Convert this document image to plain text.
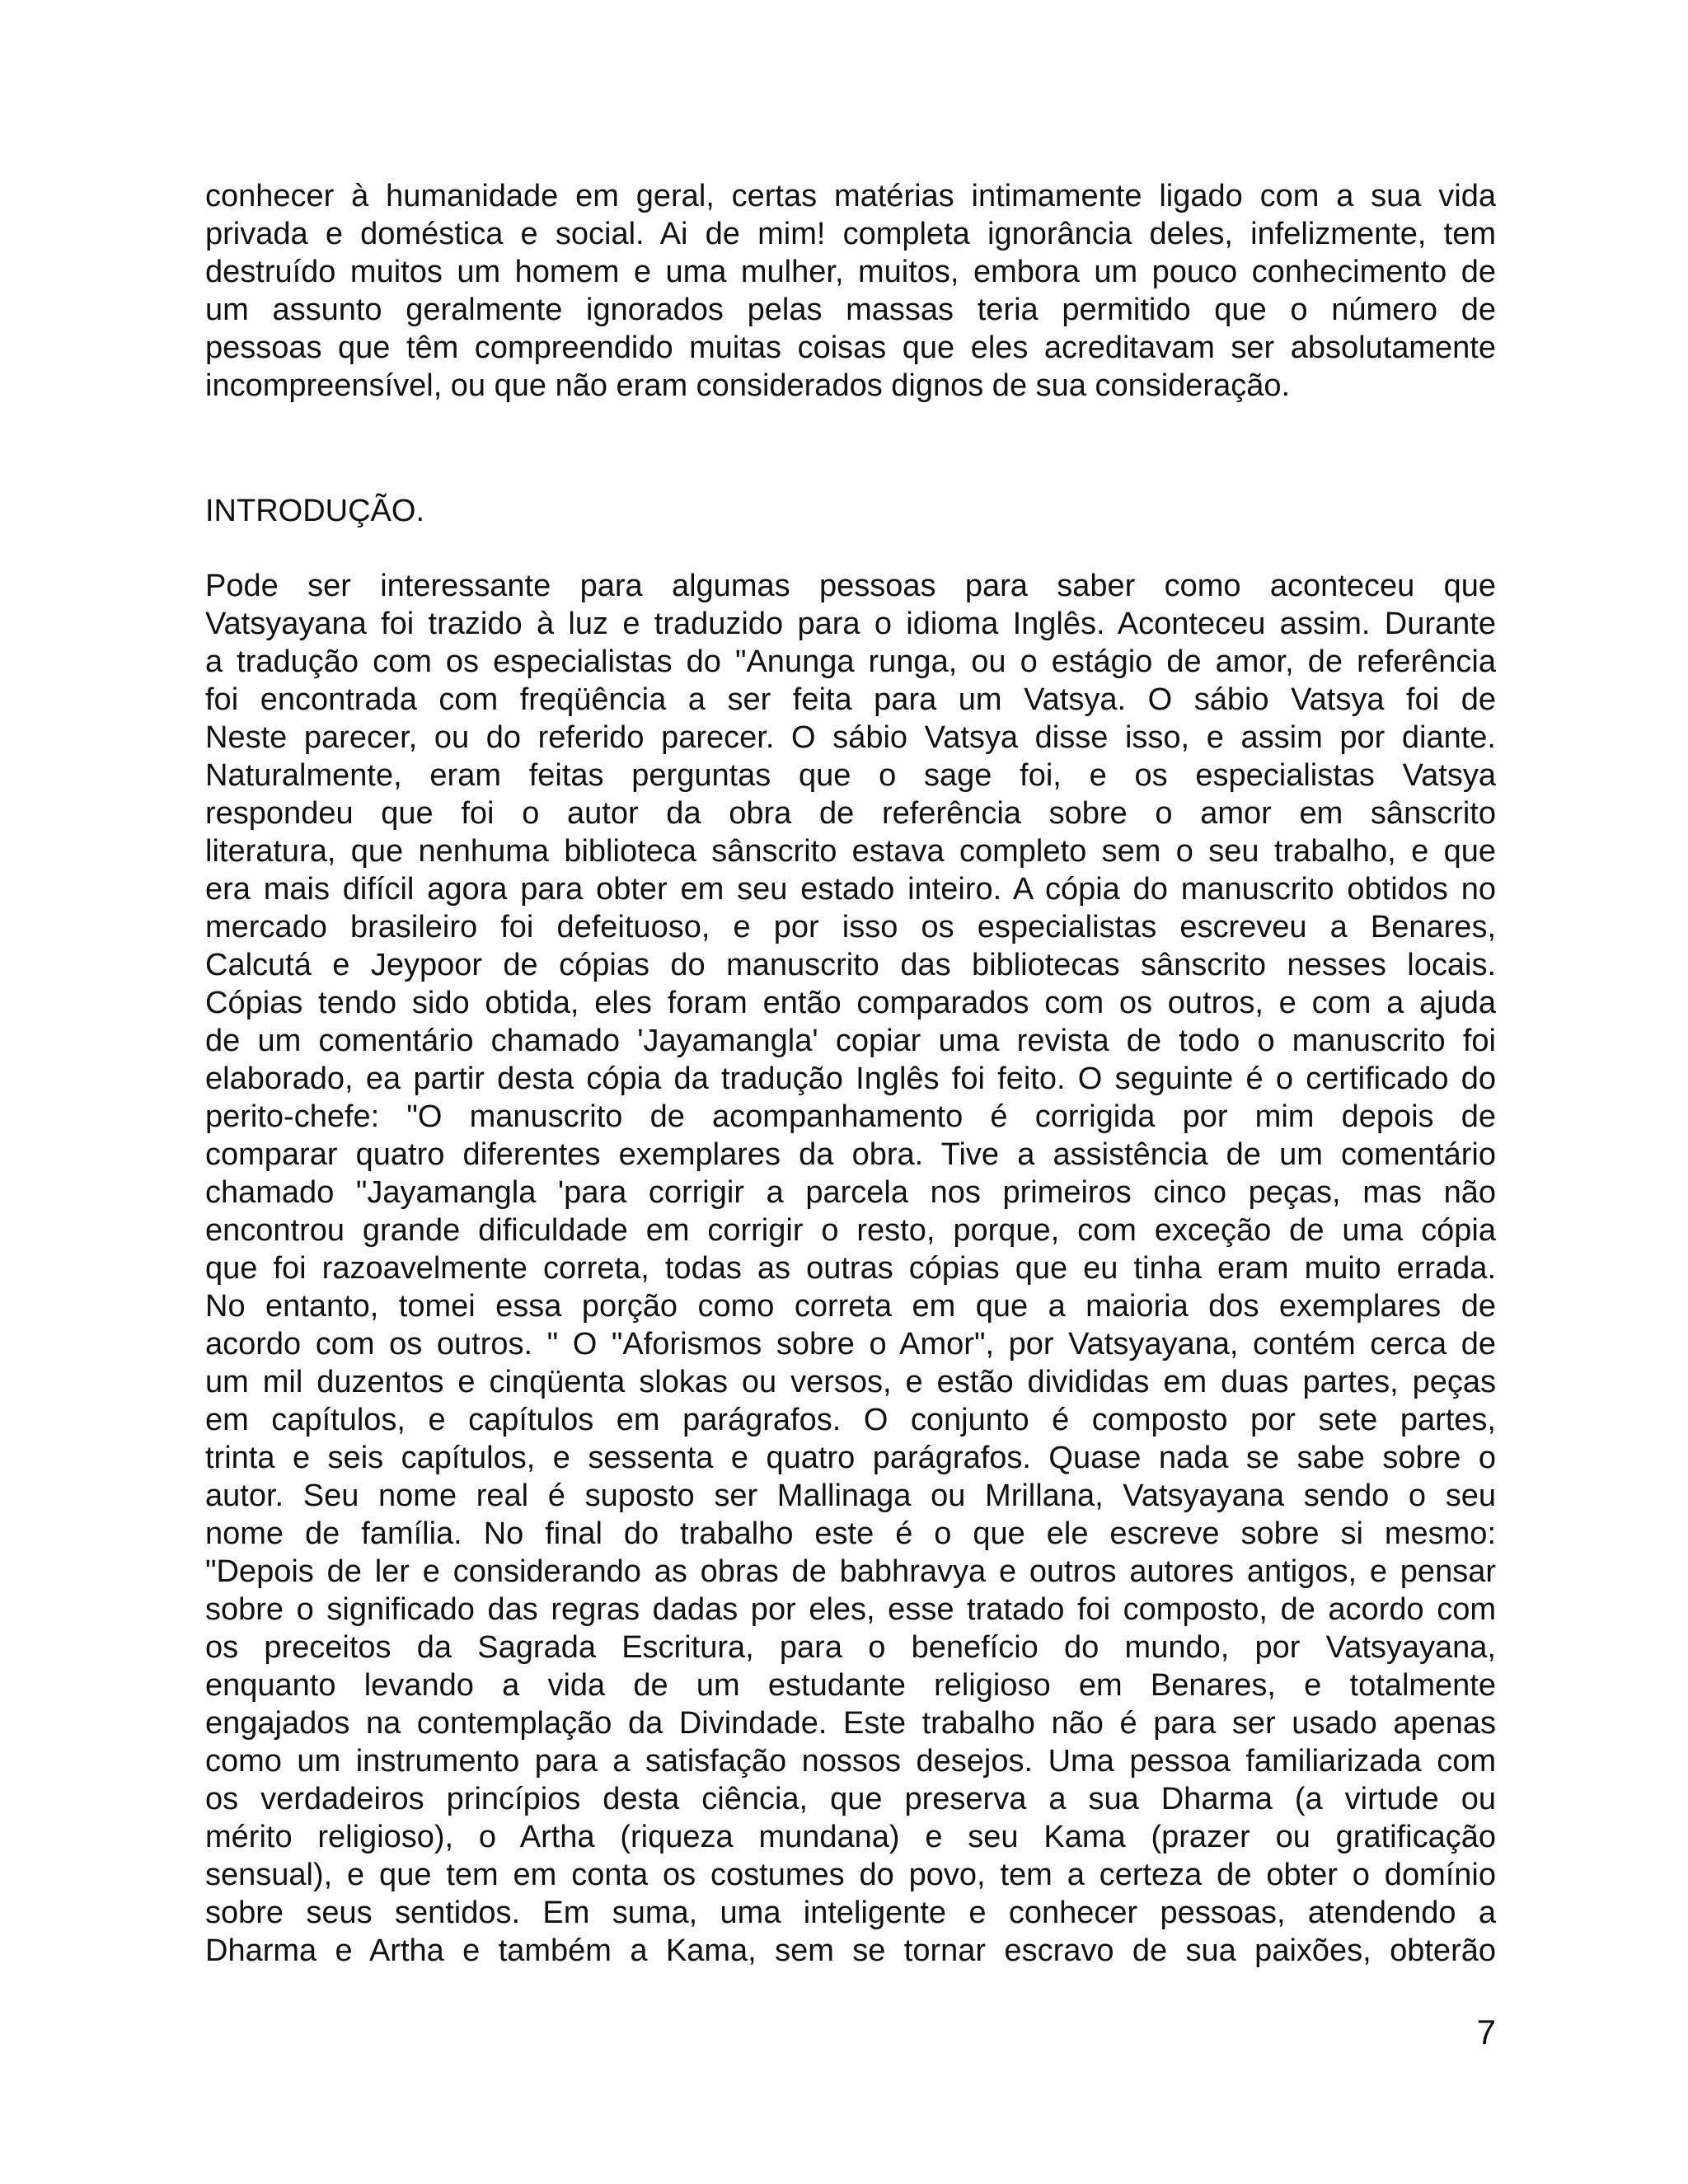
conhecer à humanidade em geral, certas matérias intimamente ligado com a sua vida
privada e doméstica e social. Ai de mim! completa ignorância deles, infelizmente, tem
destruído muitos um homem e uma mulher, muitos, embora um pouco conhecimento de
um assunto geralmente ignorados pelas massas teria permitido que o número de
pessoas que têm compreendido muitas coisas que eles acreditavam ser absolutamente
incompreensível, ou que não eram considerados dignos de sua consideração.
INTRODUÇÃO.
Pode ser interessante para algumas pessoas para saber como aconteceu que
Vatsyayana foi trazido à luz e traduzido para o idioma Inglês. Aconteceu assim. Durante
a tradução com os especialistas do "Anunga runga, ou o estágio de amor, de referência
foi encontrada com freqüência a ser feita para um Vatsya. O sábio Vatsya foi de
Neste parecer, ou do referido parecer. O sábio Vatsya disse isso, e assim por diante.
Naturalmente, eram feitas perguntas que o sage foi, e os especialistas Vatsya
respondeu que foi o autor da obra de referência sobre o amor em sânscrito
literatura, que nenhuma biblioteca sânscrito estava completo sem o seu trabalho, e que
era mais difícil agora para obter em seu estado inteiro. A cópia do manuscrito obtidos no
mercado brasileiro foi defeituoso, e por isso os especialistas escreveu a Benares,
Calcutá e Jeypoor de cópias do manuscrito das bibliotecas sânscrito nesses locais.
Cópias tendo sido obtida, eles foram então comparados com os outros, e com a ajuda
de um comentário chamado 'Jayamangla' copiar uma revista de todo o manuscrito foi
elaborado, ea partir desta cópia da tradução Inglês foi feito. O seguinte é o certificado do
perito-chefe: "O manuscrito de acompanhamento é corrigida por mim depois de
comparar quatro diferentes exemplares da obra. Tive a assistência de um comentário
chamado "Jayamangla 'para corrigir a parcela nos primeiros cinco peças, mas não
encontrou grande dificuldade em corrigir o resto, porque, com exceção de uma cópia
que foi razoavelmente correta, todas as outras cópias que eu tinha eram muito errada.
No entanto, tomei essa porção como correta em que a maioria dos exemplares de
acordo com os outros. " O "Aforismos sobre o Amor", por Vatsyayana, contém cerca de
um mil duzentos e cinqüenta slokas ou versos, e estão divididas em duas partes, peças
em capítulos, e capítulos em parágrafos. O conjunto é composto por sete partes,
trinta e seis capítulos, e sessenta e quatro parágrafos. Quase nada se sabe sobre o
autor. Seu nome real é suposto ser Mallinaga ou Mrillana, Vatsyayana sendo o seu
nome de família. No final do trabalho este é o que ele escreve sobre si mesmo:
"Depois de ler e considerando as obras de babhravya e outros autores antigos, e pensar
sobre o significado das regras dadas por eles, esse tratado foi composto, de acordo com
os preceitos da Sagrada Escritura, para o benefício do mundo, por Vatsyayana,
enquanto levando a vida de um estudante religioso em Benares, e totalmente
engajados na contemplação da Divindade. Este trabalho não é para ser usado apenas
como um instrumento para a satisfação nossos desejos. Uma pessoa familiarizada com
os verdadeiros princípios desta ciência, que preserva a sua Dharma (a virtude ou
mérito religioso), o Artha (riqueza mundana) e seu Kama (prazer ou gratificação
sensual), e que tem em conta os costumes do povo, tem a certeza de obter o domínio
sobre seus sentidos. Em suma, uma inteligente e conhecer pessoas, atendendo a
Dharma e Artha e também a Kama, sem se tornar escravo de sua paixões, obterão
7
